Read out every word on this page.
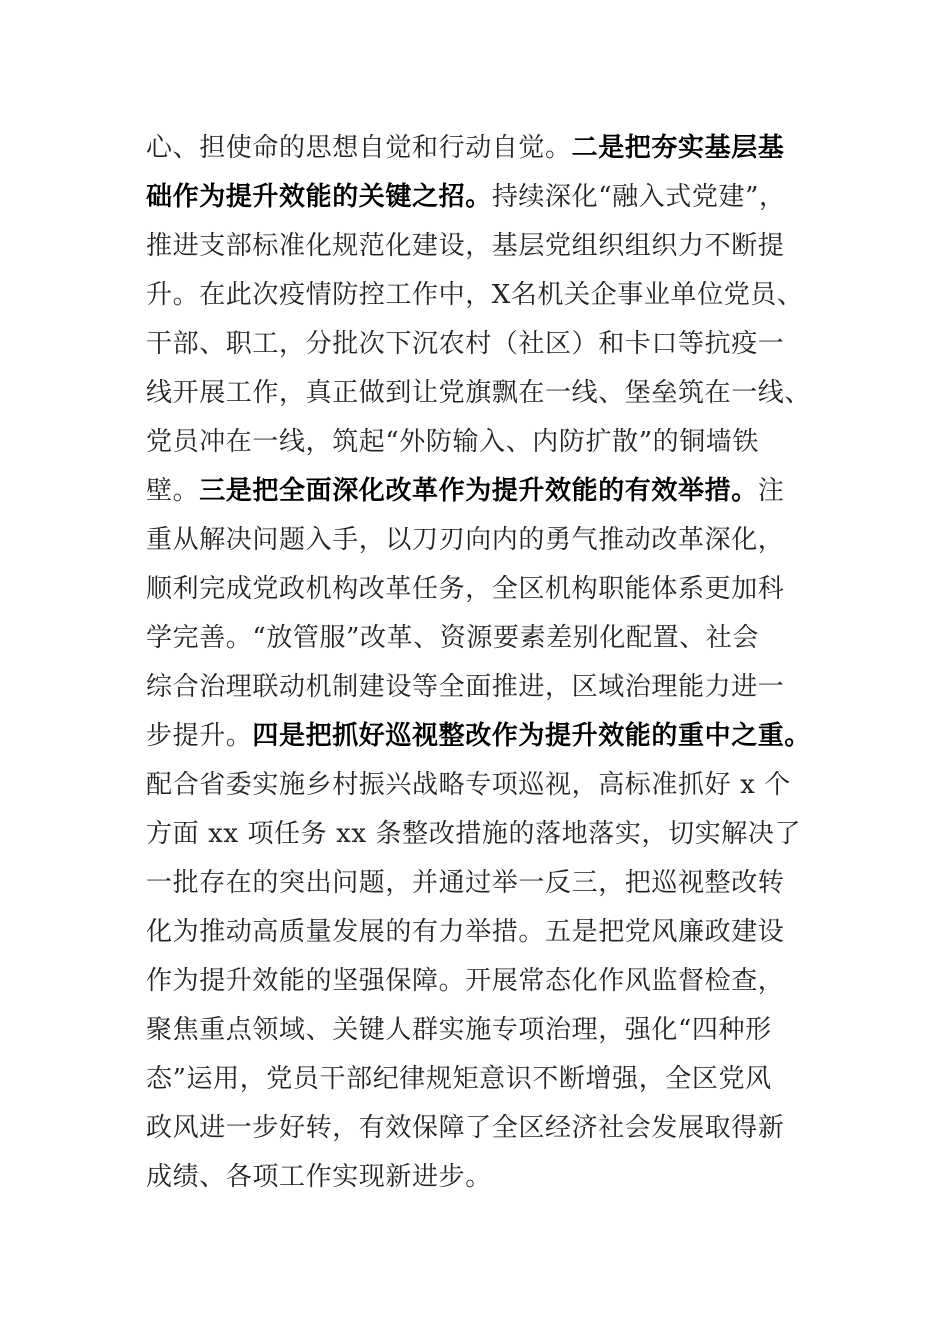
心、担使命的思想自觉和行动自觉。二是把夯实基层基
础作为提升效能的关键之招。持续深化“融入式党建”，
推进支部标准化规范化建设，基层党组织组织力不断提
升。在此次疫情防控工作中，X名机关企事业单位党员、
干部、职工，分批次下沉农村（社区）和卡口等抗疫一
线开展工作，真正做到让党旗飘在一线、堡垒筑在一线、
党员冲在一线，筑起“外防输入、内防扩散”的铜墙铁
壁。三是把全面深化改革作为提升效能的有效举措。注
重从解决问题入手，以刀刃向内的勇气推动改革深化，
顺利完成党政机构改革任务，全区机构职能体系更加科
学完善。“放管服”改革、资源要素差别化配置、社会
综合治理联动机制建设等全面推进，区域治理能力进一
步提升。四是把抓好巡视整改作为提升效能的重中之重。
配合省委实施乡村振兴战略专项巡视，高标准抓好 x 个
方面 xx 项任务 xx 条整改措施的落地落实，切实解决了
一批存在的突出问题，并通过举一反三，把巡视整改转
化为推动高质量发展的有力举措。五是把党风廉政建设
作为提升效能的坚强保障。开展常态化作风监督检查，
聚焦重点领域、关键人群实施专项治理，强化“四种形
态”运用，党员干部纪律规矩意识不断增强，全区党风
政风进一步好转，有效保障了全区经济社会发展取得新
成绩、各项工作实现新进步。
